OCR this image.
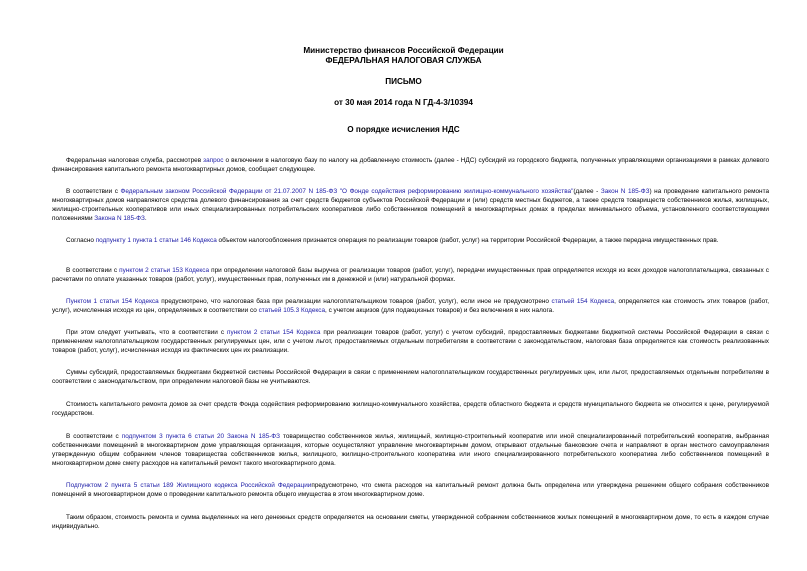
Министерство финансов Российской Федерации
ФЕДЕРАЛЬНАЯ НАЛОГОВАЯ СЛУЖБА
ПИСЬМО
от 30 мая 2014 года N ГД-4-3/10394
О порядке исчисления НДС
Федеральная налоговая служба, рассмотрев запрос о включении в налоговую базу по налогу на добавленную стоимость (далее - НДС) субсидий из городского бюджета, полученных управляющими организациями в рамках долевого финансирования капитального ремонта многоквартирных домов, сообщает следующее.
В соответствии с Федеральным законом Российской Федерации от 21.07.2007 N 185-ФЗ "О Фонде содействия реформированию жилищно-коммунального хозяйства"(далее - Закон N 185-ФЗ) на проведение капитального ремонта многоквартирных домов направляются средства долевого финансирования за счет средств бюджетов субъектов Российской Федерации и (или) средств местных бюджетов, а также средств товариществ собственников жилья, жилищных, жилищно-строительных кооперативов или иных специализированных потребительских кооперативов либо собственников помещений в многоквартирных домах в пределах минимального объема, установленного соответствующими положениями Закона N 185-ФЗ.
Согласно подпункту 1 пункта 1 статьи 146 Кодекса объектом налогообложения признается операция по реализации товаров (работ, услуг) на территории Российской Федерации, а также передача имущественных прав.
В соответствии с пунктом 2 статьи 153 Кодекса при определении налоговой базы выручка от реализации товаров (работ, услуг), передачи имущественных прав определяется исходя из всех доходов налогоплательщика, связанных с расчетами по оплате указанных товаров (работ, услуг), имущественных прав, полученных им в денежной и (или) натуральной формах.
Пунктом 1 статьи 154 Кодекса предусмотрено, что налоговая база при реализации налогоплательщиком товаров (работ, услуг), если иное не предусмотрено статьей 154 Кодекса, определяется как стоимость этих товаров (работ, услуг), исчисленная исходя из цен, определяемых в соответствии со статьей 105.3 Кодекса, с учетом акцизов (для подакцизных товаров) и без включения в них налога.
При этом следует учитывать, что в соответствии с пунктом 2 статьи 154 Кодекса при реализации товаров (работ, услуг) с учетом субсидий, предоставляемых бюджетами бюджетной системы Российской Федерации в связи с применением налогоплательщиком государственных регулируемых цен, или с учетом льгот, предоставляемых отдельным потребителям в соответствии с законодательством, налоговая база определяется как стоимость реализованных товаров (работ, услуг), исчисленная исходя из фактических цен их реализации.
Суммы субсидий, предоставляемых бюджетами бюджетной системы Российской Федерации в связи с применением налогоплательщиком государственных регулируемых цен, или льгот, предоставляемых отдельным потребителям в соответствии с законодательством, при определении налоговой базы не учитываются.
Стоимость капитального ремонта домов за счет средств Фонда содействия реформированию жилищно-коммунального хозяйства, средств областного бюджета и средств муниципального бюджета не относится к цене, регулируемой государством.
В соответствии с подпунктом 3 пункта 6 статьи 20 Закона N 185-ФЗ товарищество собственников жилья, жилищный, жилищно-строительный кооператив или иной специализированный потребительский кооператив, выбранная собственниками помещений в многоквартирном доме управляющая организация, которые осуществляют управление многоквартирным домом, открывают отдельные банковские счета и направляют в орган местного самоуправления утвержденную общим собранием членов товарищества собственников жилья, жилищного, жилищно-строительного кооператива или иного специализированного потребительского кооператива либо собственников помещений в многоквартирном доме смету расходов на капитальный ремонт такого многоквартирного дома.
Подпунктом 2 пункта 5 статьи 189 Жилищного кодекса Российской Федерациипредусмотрено, что смета расходов на капитальный ремонт должна быть определена или утверждена решением общего собрания собственников помещений в многоквартирном доме о проведении капитального ремонта общего имущества в этом многоквартирном доме.
Таким образом, стоимость ремонта и сумма выделенных на него денежных средств определяется на основании сметы, утвержденной собранием собственников жилых помещений в многоквартирном доме, то есть в каждом случае индивидуально.
